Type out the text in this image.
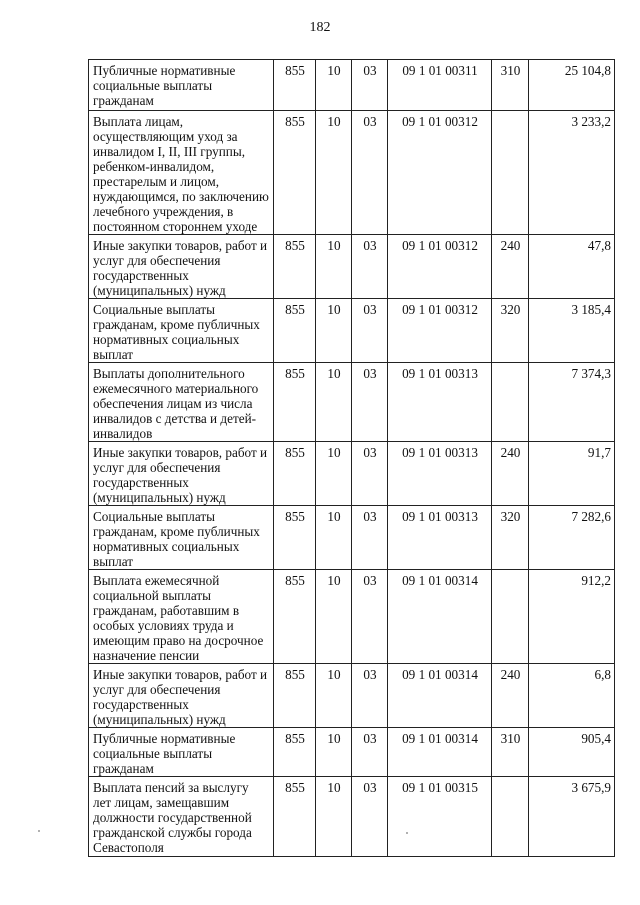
182
Публичные нормативные социальные выплаты гражданам	855	10	03	09 1 01 00311	310	25 104,8
Выплата лицам, осуществляющим уход за инвалидом I, II, III группы, ребенком-инвалидом, престарелым и лицом, нуждающимся, по заключению лечебного учреждения, в постоянном стороннем уходе	855	10	03	09 1 01 00312		3 233,2
Иные закупки товаров, работ и услуг для обеспечения государственных (муниципальных) нужд	855	10	03	09 1 01 00312	240	47,8
Социальные выплаты гражданам, кроме публичных нормативных социальных выплат	855	10	03	09 1 01 00312	320	3 185,4
Выплаты дополнительного ежемесячного материального обеспечения лицам из числа инвалидов с детства и детей-инвалидов	855	10	03	09 1 01 00313		7 374,3
Иные закупки товаров, работ и услуг для обеспечения государственных (муниципальных) нужд	855	10	03	09 1 01 00313	240	91,7
Социальные выплаты гражданам, кроме публичных нормативных социальных выплат	855	10	03	09 1 01 00313	320	7 282,6
Выплата ежемесячной социальной выплаты гражданам, работавшим в особых условиях труда и имеющим право на досрочное назначение пенсии	855	10	03	09 1 01 00314		912,2
Иные закупки товаров, работ и услуг для обеспечения государственных (муниципальных) нужд	855	10	03	09 1 01 00314	240	6,8
Публичные нормативные социальные выплаты гражданам	855	10	03	09 1 01 00314	310	905,4
Выплата пенсий за выслугу лет лицам, замещавшим должности государственной гражданской службы города Севастополя	855	10	03	09 1 01 00315		3 675,9
